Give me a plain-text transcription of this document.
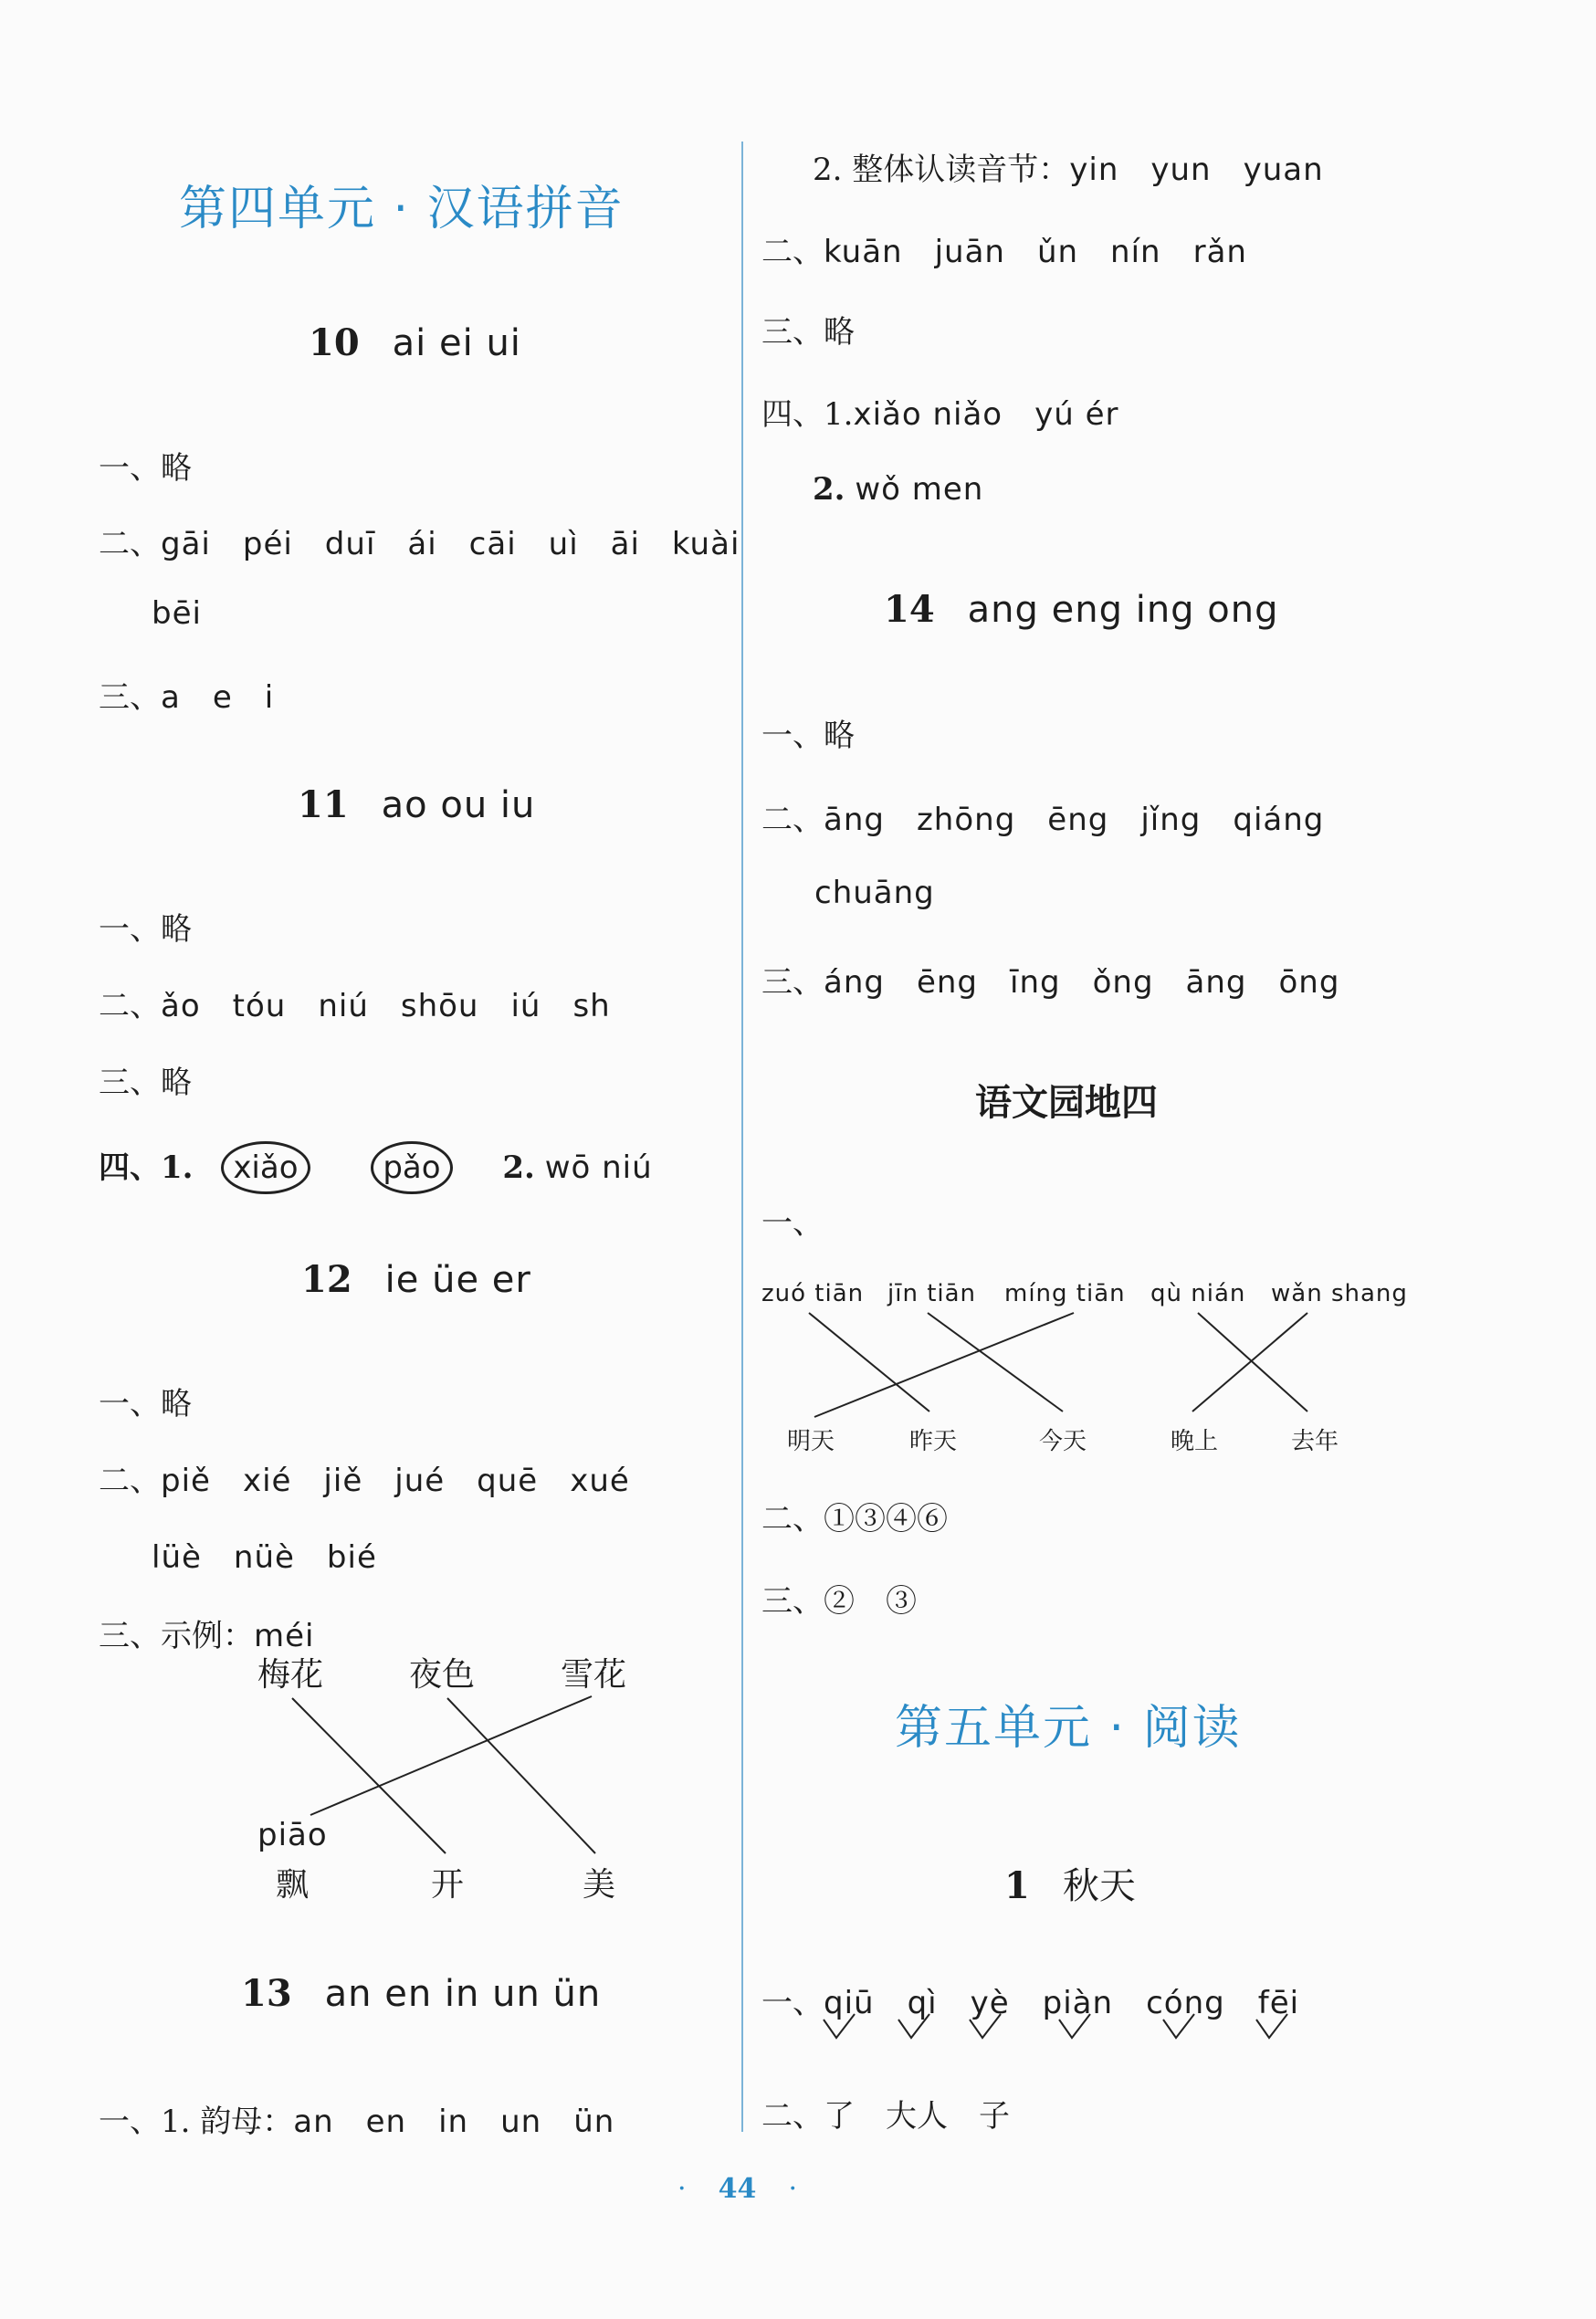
第四单元 · 汉语拼音
10 ai ei ui
一、略
二、gāi　péi　duī　ái　cāi　uì　āi　kuài
bēi
三、a　e　i
11 ao ou iu
一、略
二、ǎo　tóu　niú　shōu　iú　sh
三、略
四、1. xiǎo	pǎo 2. wō niú
12 ie üe er
一、略
二、piě　xié　jiě　jué　quē　xué
lüè　nüè　bié
三、示例：méi
梅花	夜色	雪花
piāo
飘	开	美
13 an en in un ün
一、1. 韵母：an　en　in　un　ün
2. 整体认读音节：yin　yun　yuan
二、kuān　juān　ǔn　nín　rǎn
三、略
四、1.xiǎo niǎo　yú ér
2. wǒ men
14 ang eng ing ong
一、略
二、āng　zhōng　ēng　jǐng　qiáng
chuāng
三、áng　ēng　īng　ǒng　āng　ōng
语文园地四
一、
zuó tiān jīn tiān míng tiān qù nián wǎn shang
明天	昨天	今天	晚上	去年
二、①③④⑥
三、②　③
第五单元 · 阅读
1 秋天
一、qiū qì yè piàn cóng fēi
二、了　大人　子
· 44 ·
